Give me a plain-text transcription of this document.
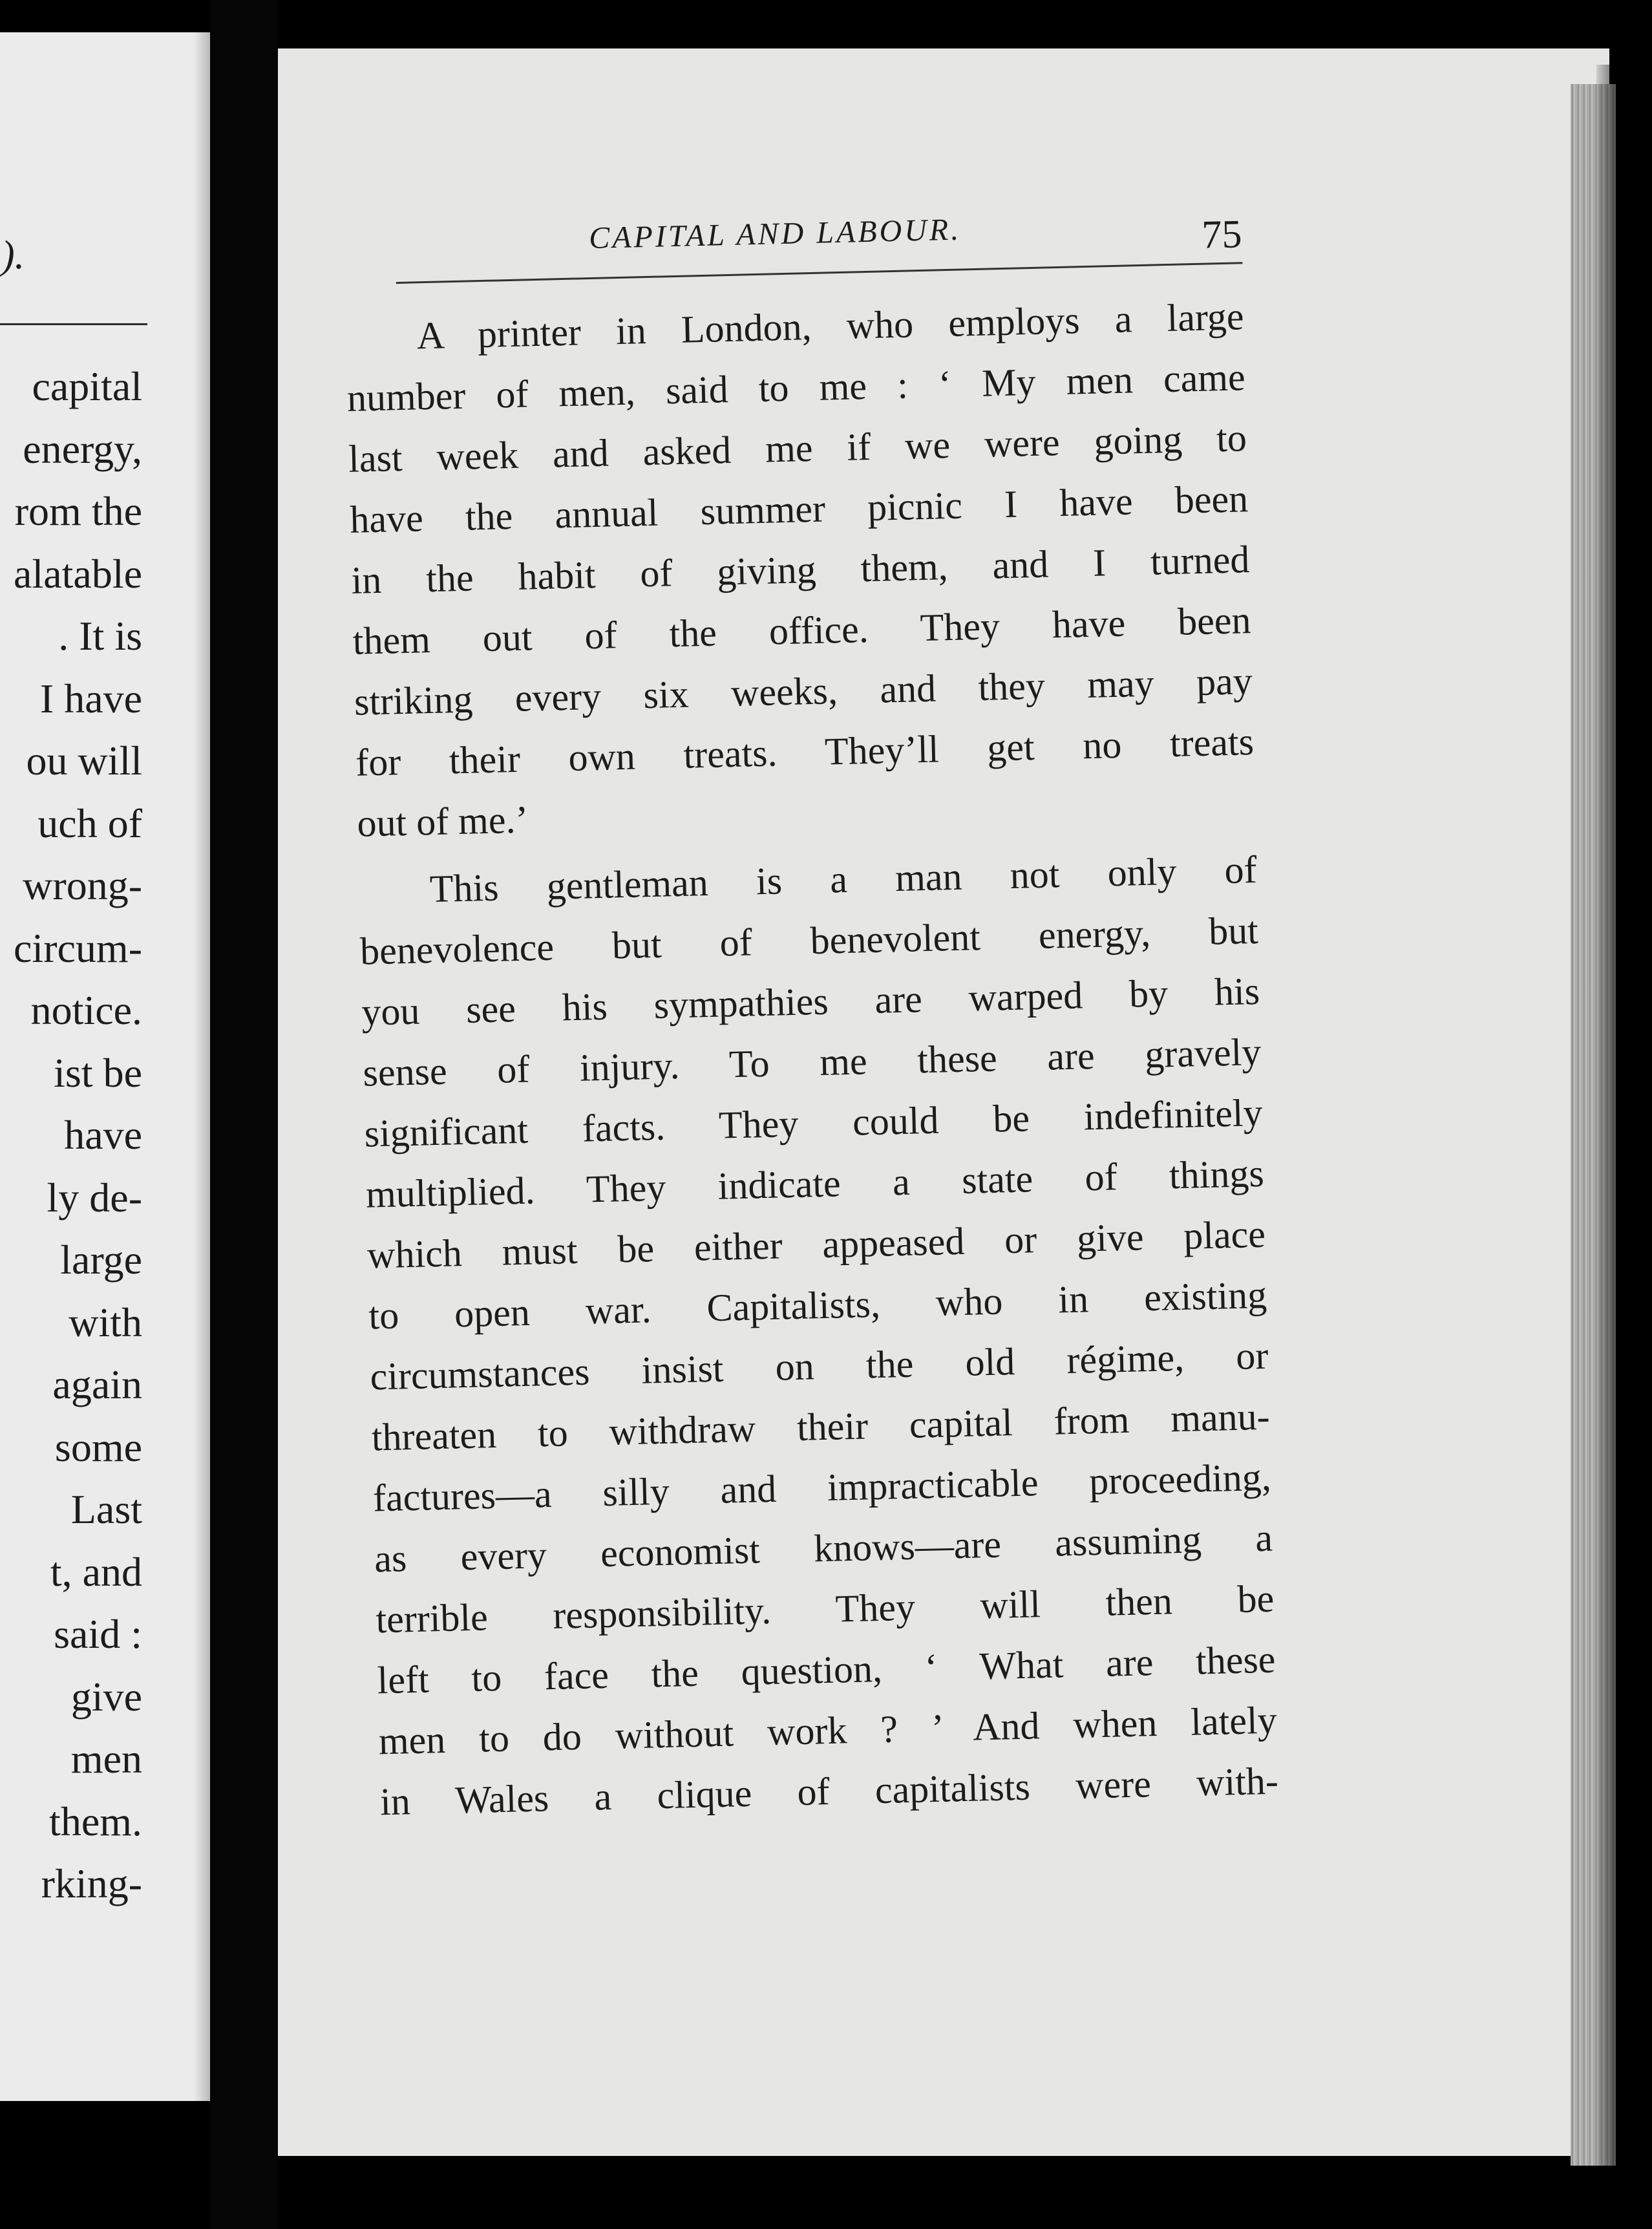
).
capital
energy,
rom the
alatable
. It is
I have
ou will
uch of
wrong-
circum-
notice.
ist be
have
ly de-
large
with
again
some
Last
t, and
said :
give
men
them.
rking-
CAPITAL AND LABOUR.	75
A printer in London, who employs a large
number of men, said to me : ‘ My men came
last week and asked me if we were going to
have the annual summer picnic I have been
in the habit of giving them, and I turned
them out of the office. They have been
striking every six weeks, and they may pay
for their own treats. They’ll get no treats
out of me.’
This gentleman is a man not only of
benevolence but of benevolent energy, but
you see his sympathies are warped by his
sense of injury. To me these are gravely
significant facts. They could be indefinitely
multiplied. They indicate a state of things
which must be either appeased or give place
to open war. Capitalists, who in existing
circumstances insist on the old régime, or
threaten to withdraw their capital from manu-
factures—a silly and impracticable proceeding,
as every economist knows—are assuming a
terrible responsibility. They will then be
left to face the question, ‘ What are these
men to do without work ? ’ And when lately
in Wales a clique of capitalists were with-
